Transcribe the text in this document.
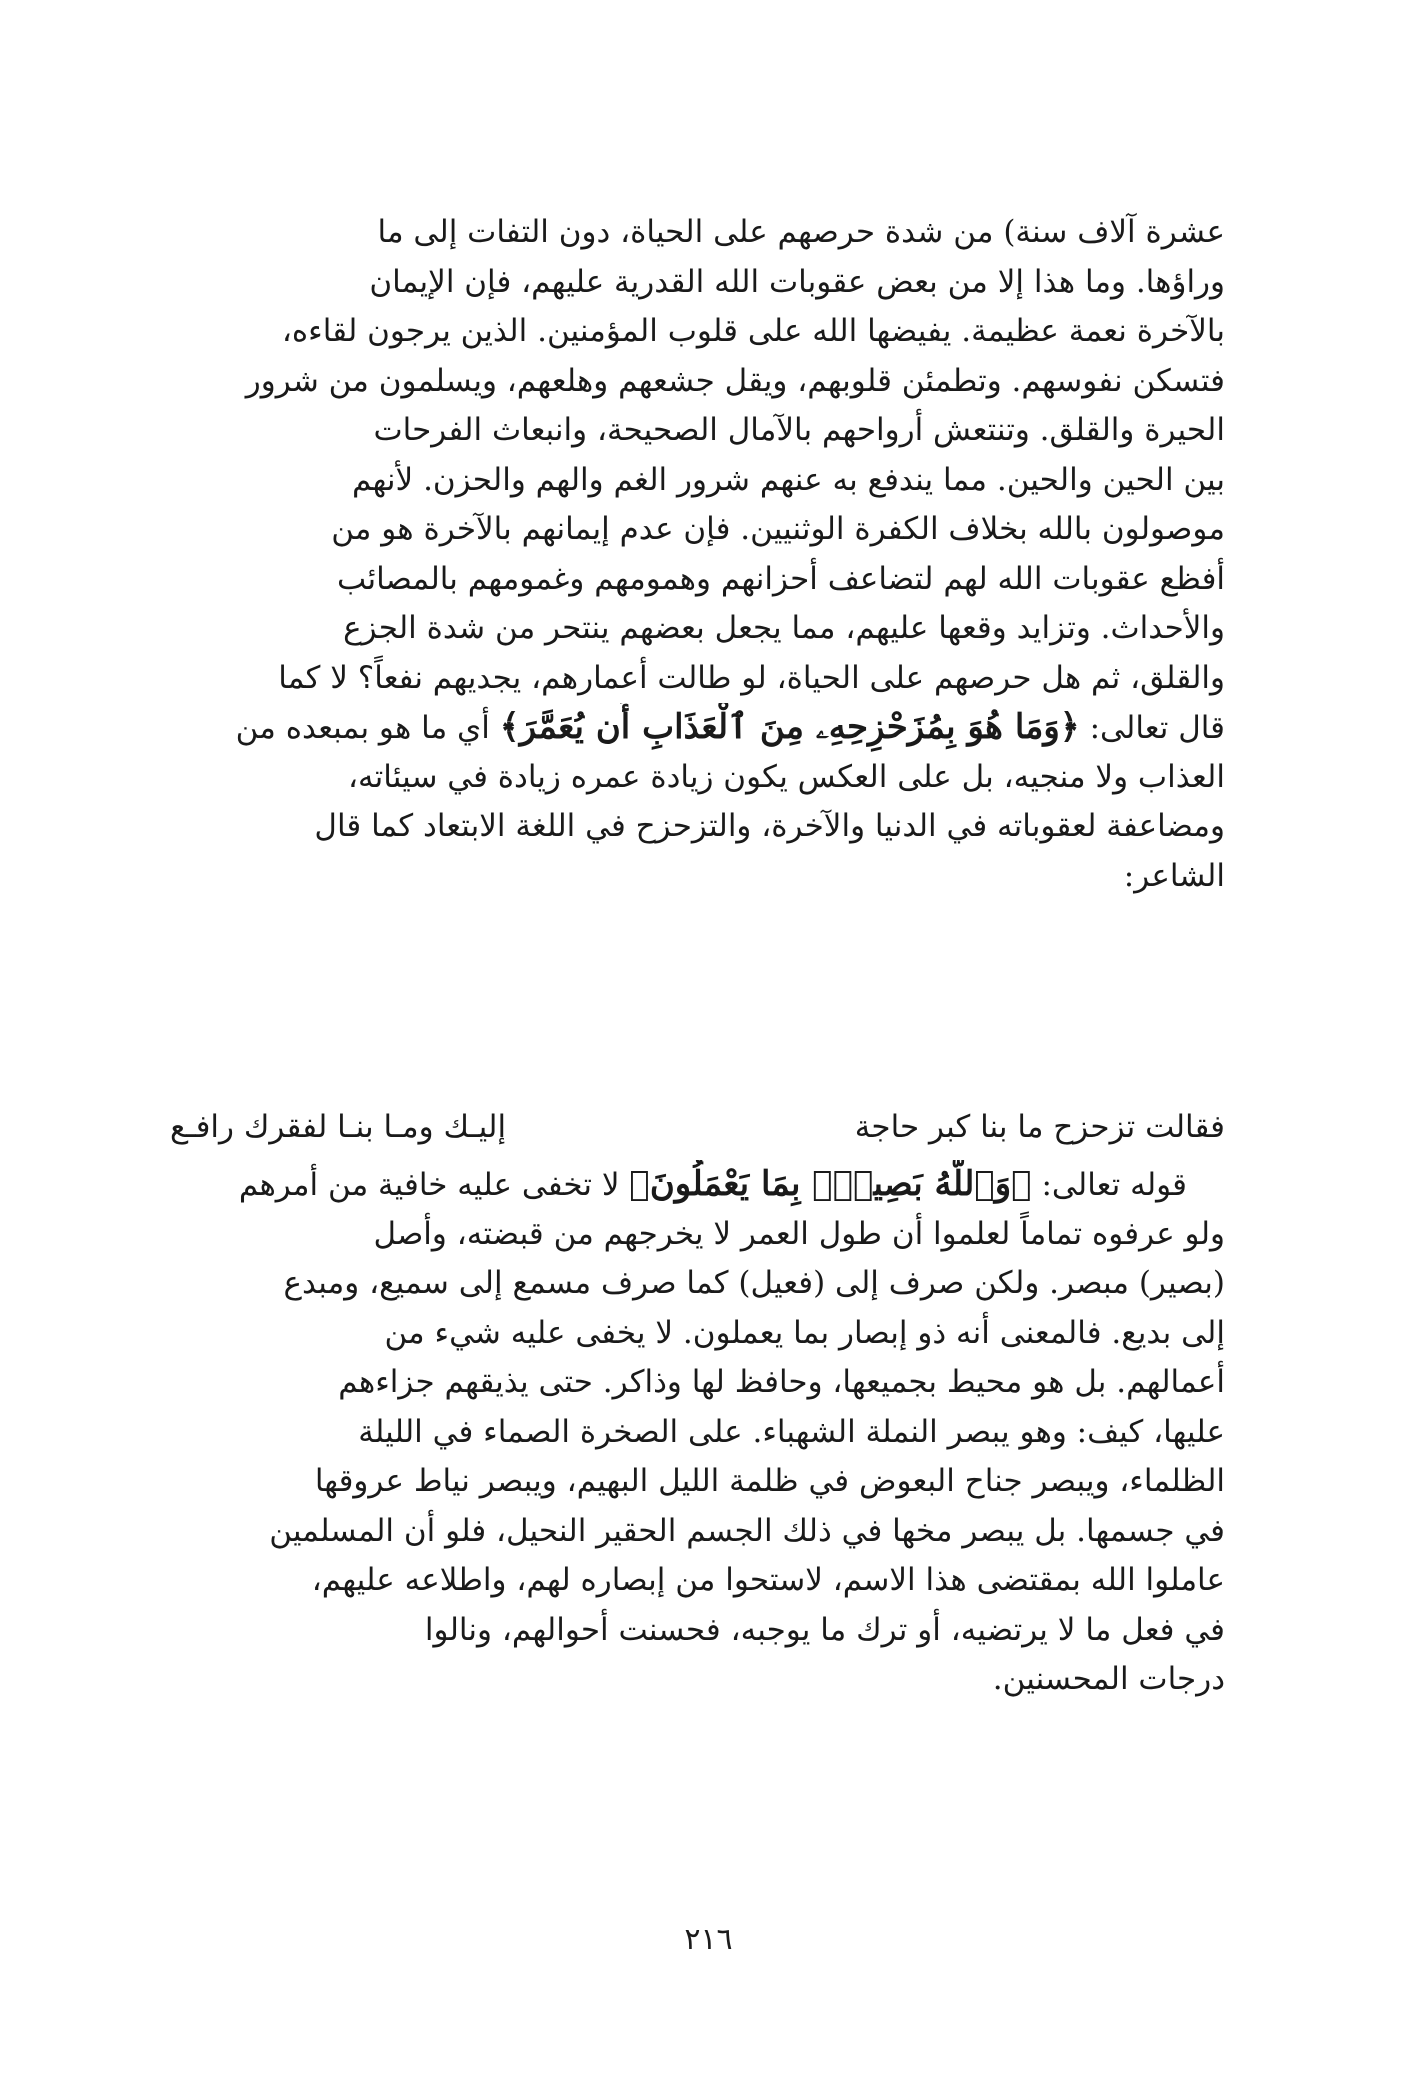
عشرة آلاف سنة) من شدة حرصهم على الحياة، دون التفات إلى ما
وراؤها. وما هذا إلا من بعض عقوبات الله القدرية عليهم، فإن الإيمان
بالآخرة نعمة عظيمة. يفيضها الله على قلوب المؤمنين. الذين يرجون لقاءه،
فتسكن نفوسهم. وتطمئن قلوبهم، ويقل جشعهم وهلعهم، ويسلمون من شرور
الحيرة والقلق. وتنتعش أرواحهم بالآمال الصحيحة، وانبعاث الفرحات
بين الحين والحين. مما يندفع به عنهم شرور الغم والهم والحزن. لأنهم
موصولون بالله بخلاف الكفرة الوثنيين. فإن عدم إيمانهم بالآخرة هو من
أفظع عقوبات الله لهم لتضاعف أحزانهم وهمومهم وغمومهم بالمصائب
والأحداث. وتزايد وقعها عليهم، مما يجعل بعضهم ينتحر من شدة الجزع
والقلق، ثم هل حرصهم على الحياة، لو طالت أعمارهم، يجديهم نفعاً؟ لا كما
قال تعالى: ﴿وَمَا هُوَ بِمُزَحْزِحِهِۦ مِنَ ٱلْعَذَابِ أَن يُعَمَّرَ﴾ أي ما هو بمبعده من
العذاب ولا منجيه، بل على العكس يكون زيادة عمره زيادة في سيئاته،
ومضاعفة لعقوباته في الدنيا والآخرة، والتزحزح في اللغة الابتعاد كما قال
الشاعر:
فقالت تزحزح ما بنا كبر حاجة
إليـك ومـا بنـا لفقرك رافـع
قوله تعالى: ﴿وَٱللَّهُ بَصِيرٌۢ بِمَا يَعْمَلُونَ﴾ لا تخفى عليه خافية من أمرهم
ولو عرفوه تماماً لعلموا أن طول العمر لا يخرجهم من قبضته، وأصل
(بصير) مبصر. ولكن صرف إلى (فعيل) كما صرف مسمع إلى سميع، ومبدع
إلى بديع. فالمعنى أنه ذو إبصار بما يعملون. لا يخفى عليه شيء من
أعمالهم. بل هو محيط بجميعها، وحافظ لها وذاكر. حتى يذيقهم جزاءهم
عليها، كيف: وهو يبصر النملة الشهباء. على الصخرة الصماء في الليلة
الظلماء، ويبصر جناح البعوض في ظلمة الليل البهيم، ويبصر نياط عروقها
في جسمها. بل يبصر مخها في ذلك الجسم الحقير النحيل، فلو أن المسلمين
عاملوا الله بمقتضى هذا الاسم، لاستحوا من إبصاره لهم، واطلاعه عليهم،
في فعل ما لا يرتضيه، أو ترك ما يوجبه، فحسنت أحوالهم، ونالوا
درجات المحسنين.
٢١٦
